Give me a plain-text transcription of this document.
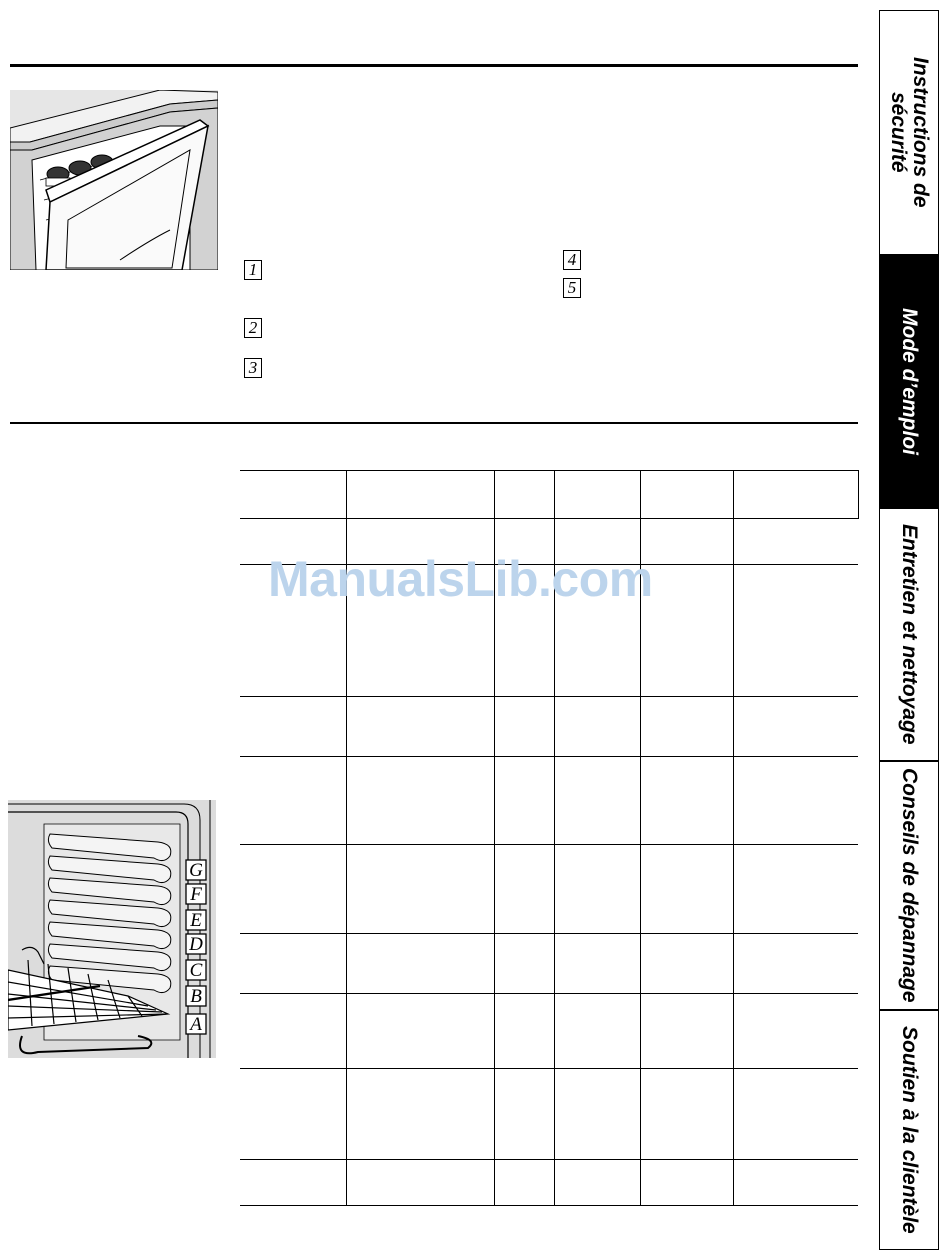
1
2
3
4
5
G
F
E
D
C
B
A

ManualsLib.com
Instructions de
sécurité
Mode d’emploi
Entretien et nettoyage
Conseils de dépannage
Soutien à la clientèle
